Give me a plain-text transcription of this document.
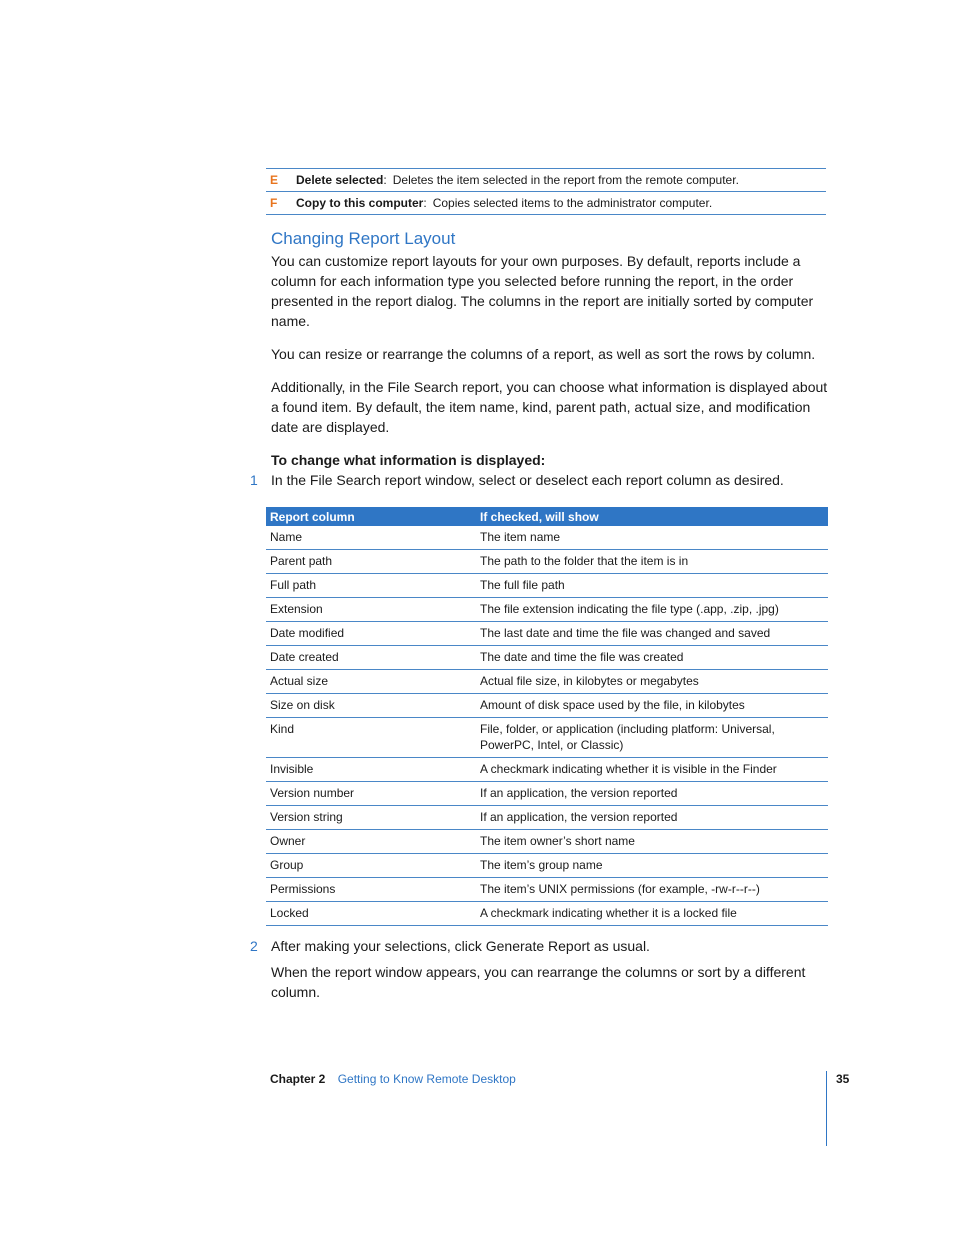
E	Delete selected : Deletes the item selected in the report from the remote computer.
F	Copy to this computer : Copies selected items to the administrator computer.
Changing Report Layout

You can customize report layouts for your own purposes. By default, reports include a column for each information type you selected before running the report, in the order presented in the report dialog. The columns in the report are initially sorted by computer name.

You can resize or rearrange the columns of a report, as well as sort the rows by column.

Additionally, in the File Search report, you can choose what information is displayed about a found item. By default, the item name, kind, parent path, actual size, and modification date are displayed.

To change what information is displayed:

1 In the File Search report window, select or deselect each report column as desired.
Report column	If checked, will show
Name	The item name
Parent path	The path to the folder that the item is in
Full path	The full file path
Extension	The file extension indicating the file type (.app, .zip, .jpg)
Date modified	The last date and time the file was changed and saved
Date created	The date and time the file was created
Actual size	Actual file size, in kilobytes or megabytes
Size on disk	Amount of disk space used by the file, in kilobytes
Kind	File, folder, or application (including platform: Universal, PowerPC, Intel, or Classic)
Invisible	A checkmark indicating whether it is visible in the Finder
Version number	If an application, the version reported
Version string	If an application, the version reported
Owner	The item owner’s short name
Group	The item’s group name
Permissions	The item’s UNIX permissions (for example, -rw-r--r--)
Locked	A checkmark indicating whether it is a locked file
2 After making your selections, click Generate Report as usual.

When the report window appears, you can rearrange the columns or sort by a different column.

Chapter 2 Getting to Know Remote Desktop	35
